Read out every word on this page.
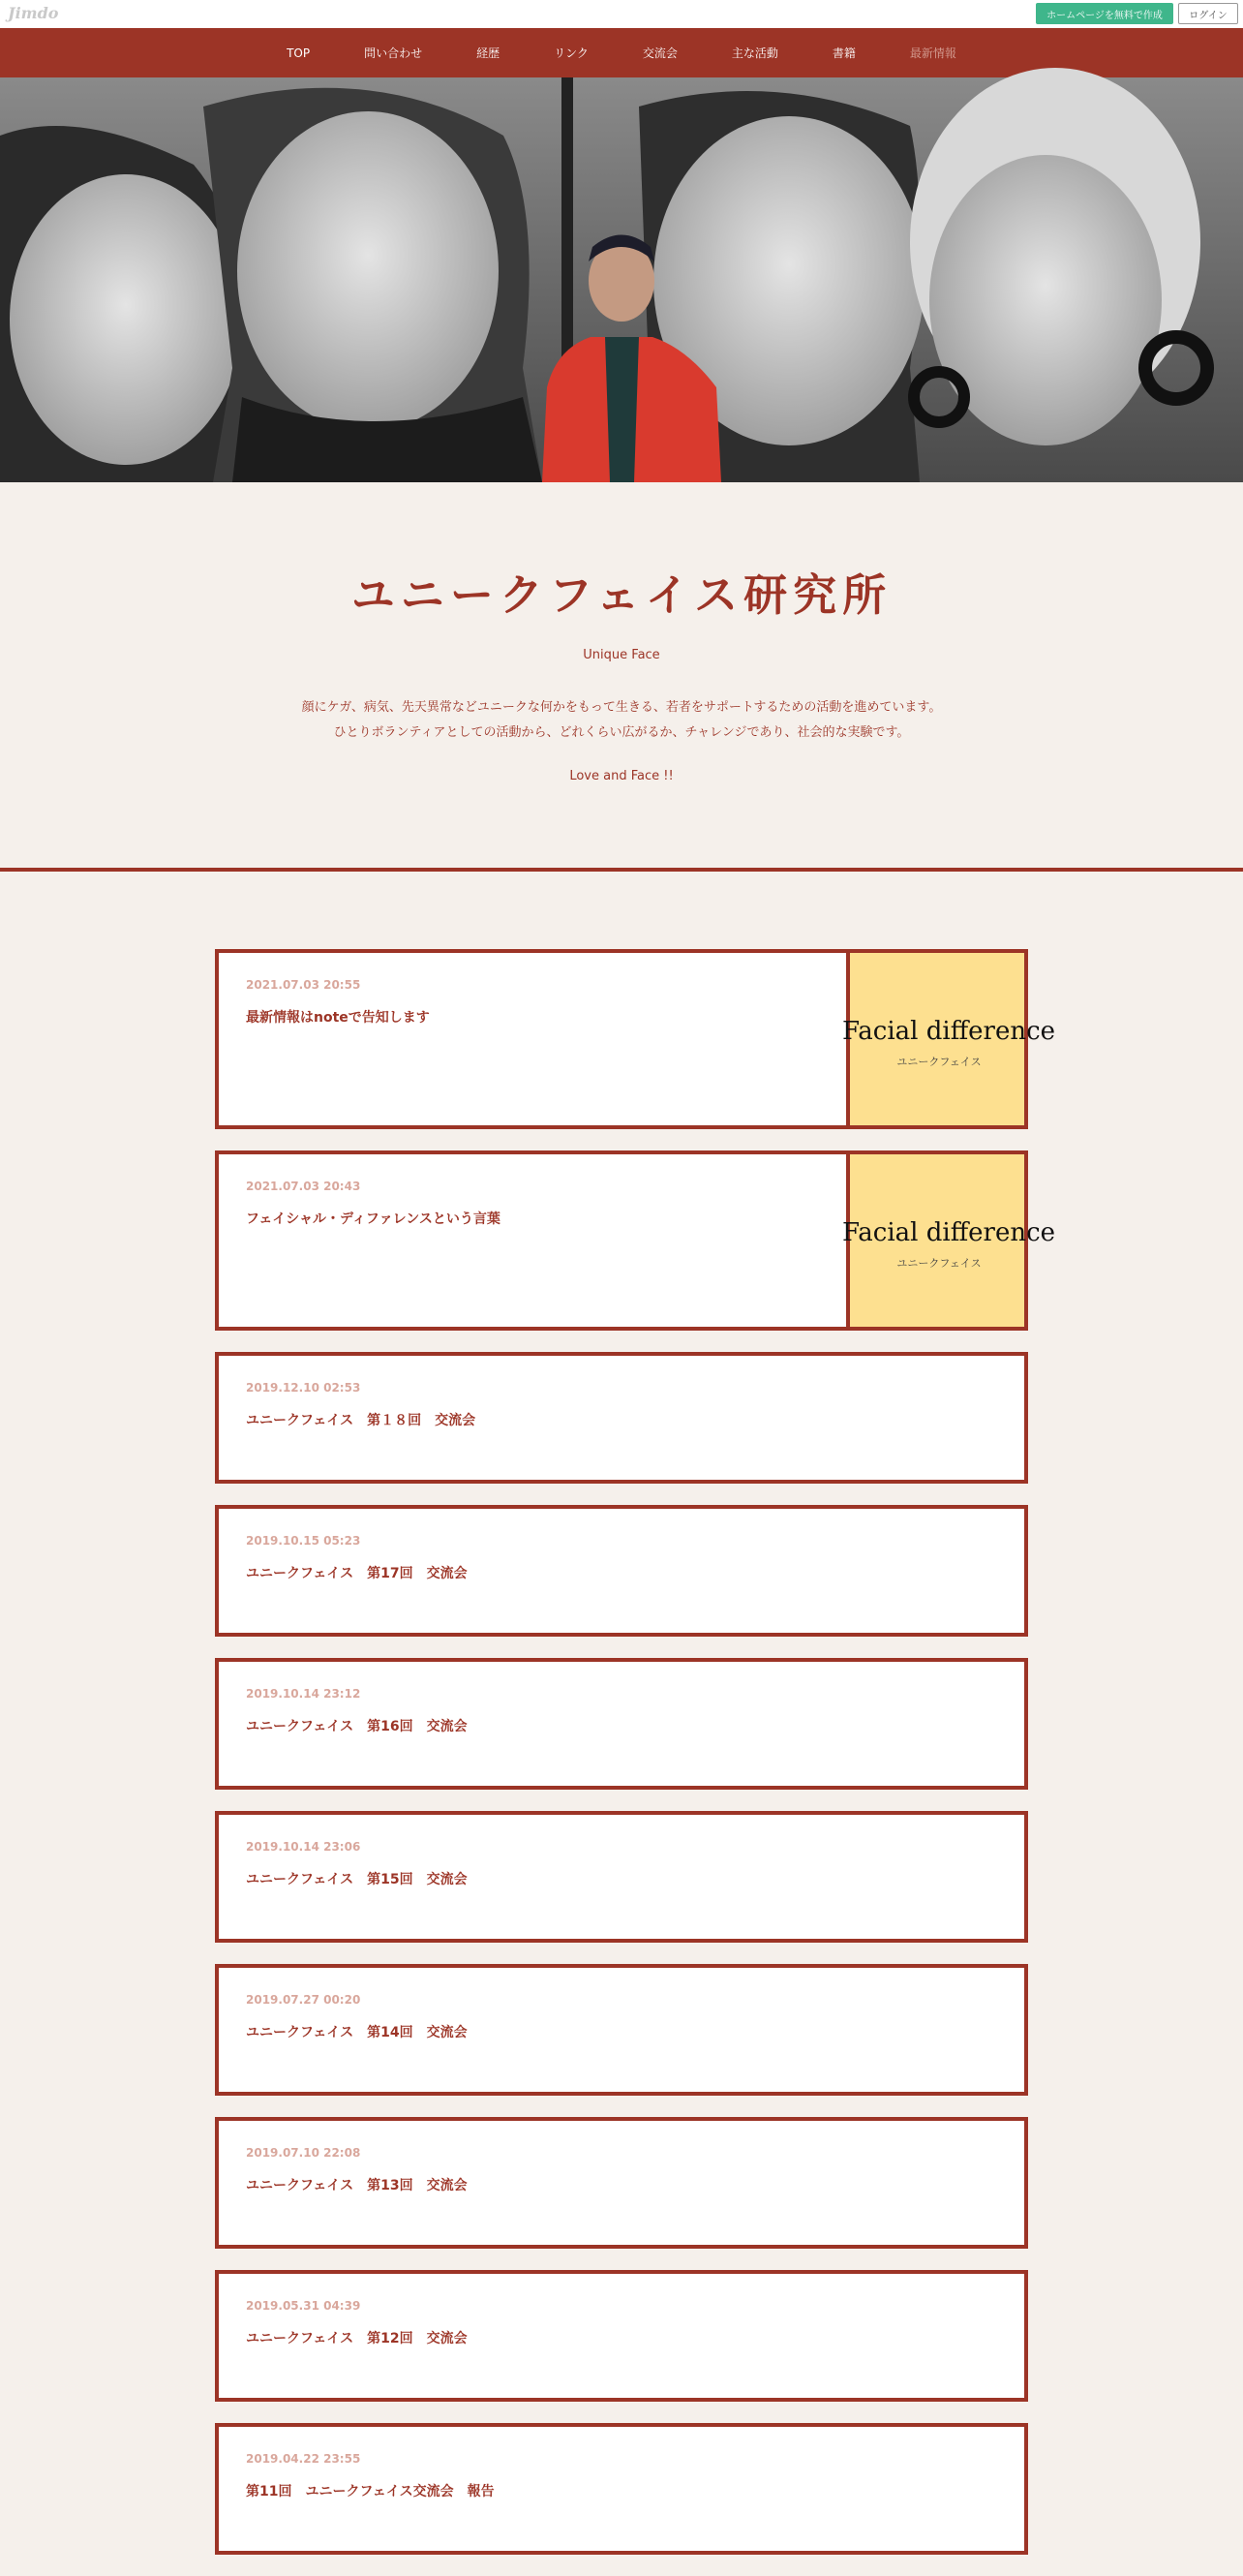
Jimdo	ホームページを無料で作成	ログイン
TOP	問い合わせ	経歴	リンク	交流会	主な活動	書籍	最新情報
ユニークフェイス研究所

Unique Face

顔にケガ、病気、先天異常などユニークな何かをもって生きる、若者をサポートするための活動を進めています。
ひとりボランティアとしての活動から、どれくらい広がるか、チャレンジであり、社会的な実験です。

Love and Face !!

2021.07.03 20:55
最新情報はnoteで告知します	Facial difference
ユニークフェイス
2021.07.03 20:43
フェイシャル・ディファレンスという言葉	Facial difference
ユニークフェイス
2019.12.10 02:53
ユニークフェイス　第１８回　交流会
2019.10.15 05:23
ユニークフェイス　第17回　交流会
2019.10.14 23:12
ユニークフェイス　第16回　交流会
2019.10.14 23:06
ユニークフェイス　第15回　交流会
2019.07.27 00:20
ユニークフェイス　第14回　交流会
2019.07.10 22:08
ユニークフェイス　第13回　交流会
2019.05.31 04:39
ユニークフェイス　第12回　交流会
2019.04.22 23:55
第11回　ユニークフェイス交流会　報告
